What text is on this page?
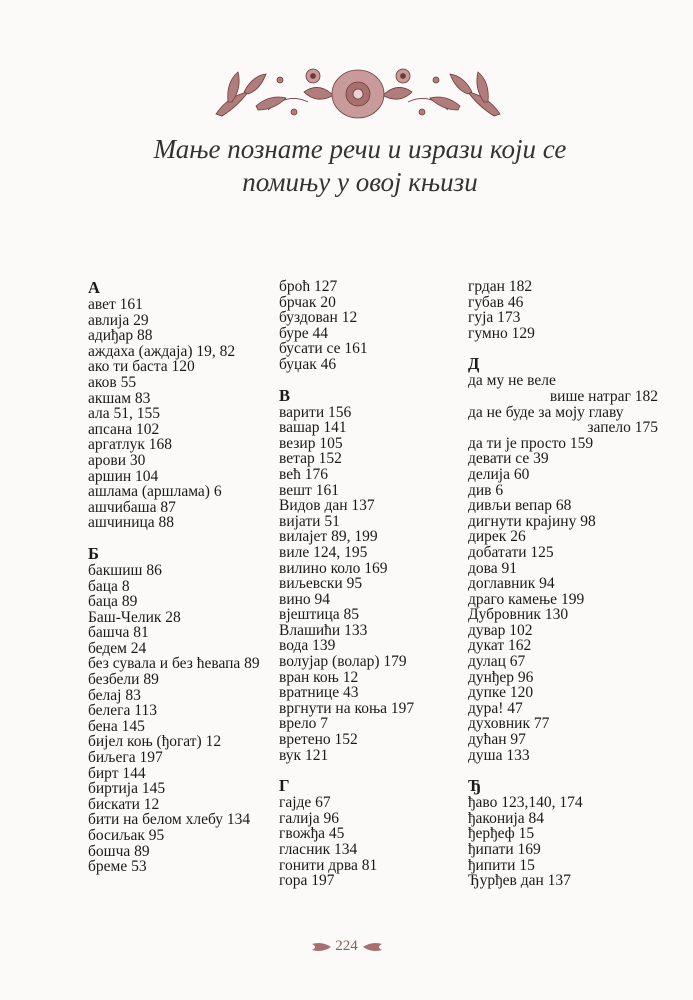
Мање познате речи и изрази који се
помињу у овој књизи
А
авет 161
авлија 29
адиђар 88
аждаха (аждаја) 19, 82
ако ти баста 120
аков 55
акшам 83
ала 51, 155
апсана 102
аргатлук 168
арови 30
аршин 104
ашлама (аршлама) 6
ашчибаша 87
ашчиница 88
Б
бакшиш 86
баца 8
баца 89
Баш-Челик 28
башча 81
бедем 24
без сувала и без ћевапа 89
безбели 89
белај 83
белега 113
бена 145
бијел коњ (ђогат) 12
биљега 197
бирт 144
биртија 145
бискати 12
бити на белом хлебу 134
босиљак 95
бошча 89
бреме 53
броћ 127
брчак 20
буздован 12
буре 44
бусати се 161
буџак 46
В
варити 156
вашар 141
везир 105
ветар 152
већ 176
вешт 161
Видов дан 137
вијати 51
вилајет 89, 199
виле 124, 195
вилино коло 169
виљевски 95
вино 94
вјештица 85
Влашићи 133
вода 139
волујар (волар) 179
вран коњ 12
вратнице 43
вргнути на коња 197
врело 7
вретено 152
вук 121
Г
гајде 67
галија 96
гвожђа 45
гласник 134
гонити дрва 81
гора 197
грдан 182
губав 46
гуја 173
гумно 129
Д
да му не веле
више натраг 182
да не буде за моју главу
запело 175
да ти је просто 159
девати се 39
делија 60
див 6
дивљи вепар 68
дигнути крајину 98
дирек 26
добатати 125
дова 91
доглавник 94
драго камење 199
Дубровник 130
дувар 102
дукат 162
дулац 67
дунђер 96
дупке 120
дура! 47
духовник 77
дућан 97
душа 133
Ђ
ђаво 123,140, 174
ђаконија 84
ђерђеф 15
ђипати 169
ђипити 15
Ђурђев дан 137
224
